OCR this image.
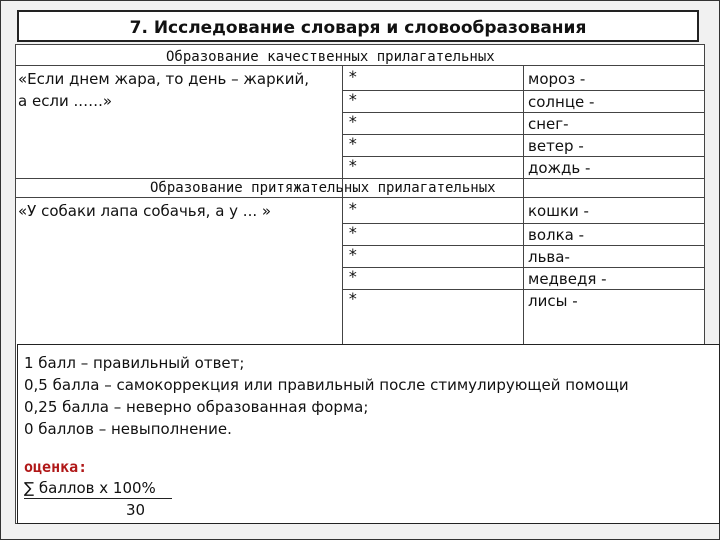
7. Исследование словаря и словообразования
Образование качественных прилагательных
«Если днем жара, то день – жаркий,
а если ..….»
*
*
*
*
*
мороз -
солнце -
снег-
ветер -
дождь -
Образование притяжательных прилагательных
«У собаки лапа собачья, а у ... »	*
*
*
*
*
кошки -
волка -
льва-
медведя -
лисы -
1 балл – правильный ответ;
0,5 балла – самокоррекция или правильный после стимулирующей помощи
0,25 балла – неверно образованная форма;
0 баллов – невыполнение.
оценка:
∑ баллов х 100%
30
